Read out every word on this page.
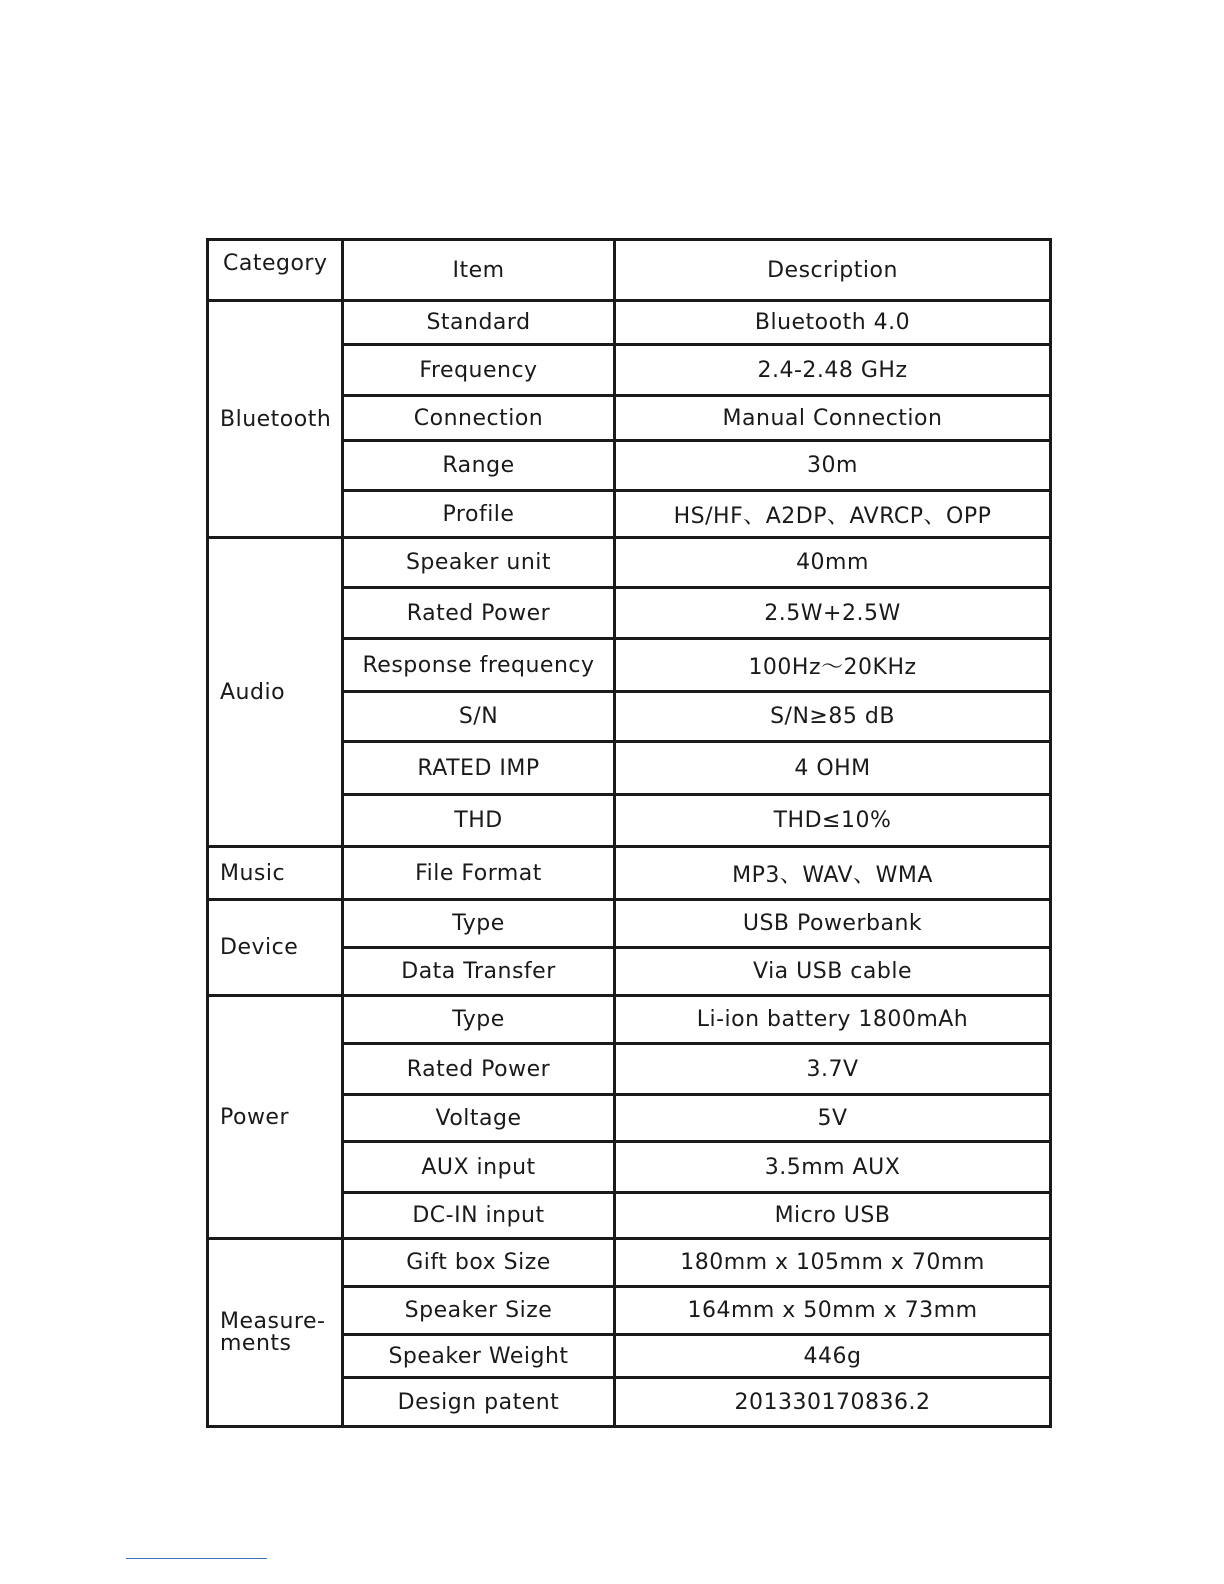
Category	Item	Description
Bluetooth	Standard	Bluetooth 4.0
	Frequency	2.4-2.48 GHz
	Connection	Manual Connection
	Range	30m
	Profile	HS/HF、A2DP、AVRCP、OPP
Audio	Speaker unit	40mm
	Rated Power	2.5W+2.5W
	Response frequency	100Hz～20KHz
	S/N	S/N≥85 dB
	RATED IMP	4 OHM
	THD	THD≤10%
Music	File Format	MP3、WAV、WMA
Device	Type	USB Powerbank
	Data Transfer	Via USB cable
Power	Type	Li-ion battery 1800mAh
	Rated Power	3.7V
	Voltage	5V
	AUX input	3.5mm AUX
	DC-IN input	Micro USB
Measure-
ments	Gift box Size	180mm x 105mm x 70mm
	Speaker Size	164mm x 50mm x 73mm
	Speaker Weight	446g
	Design patent	201330170836.2
